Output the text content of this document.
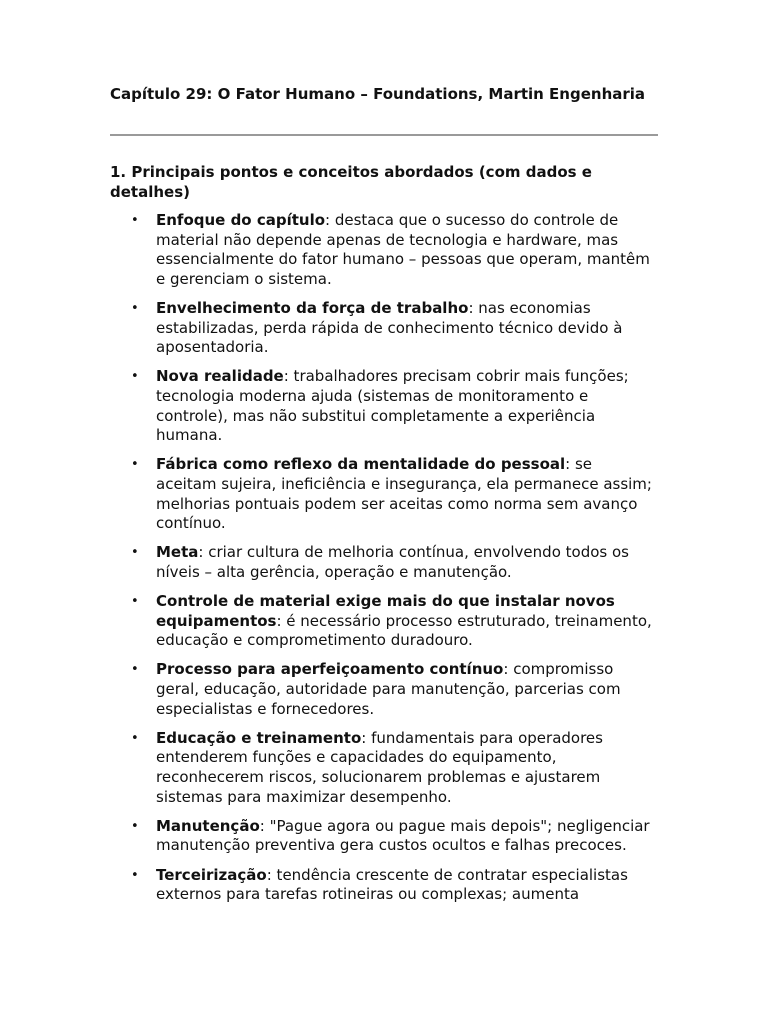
Capítulo 29: O Fator Humano – Foundations, Martin Engenharia
1. Principais pontos e conceitos abordados (com dados e detalhes)
• Enfoque do capítulo: destaca que o sucesso do controle de material não depende apenas de tecnologia e hardware, mas essencialmente do fator humano – pessoas que operam, mantêm e gerenciam o sistema.
• Envelhecimento da força de trabalho: nas economias estabilizadas, perda rápida de conhecimento técnico devido à aposentadoria.
• Nova realidade: trabalhadores precisam cobrir mais funções; tecnologia moderna ajuda (sistemas de monitoramento e controle), mas não substitui completamente a experiência humana.
• Fábrica como reflexo da mentalidade do pessoal: se aceitam sujeira, ineficiência e insegurança, ela permanece assim; melhorias pontuais podem ser aceitas como norma sem avanço contínuo.
• Meta: criar cultura de melhoria contínua, envolvendo todos os níveis – alta gerência, operação e manutenção.
• Controle de material exige mais do que instalar novos equipamentos: é necessário processo estruturado, treinamento, educação e comprometimento duradouro.
• Processo para aperfeiçoamento contínuo: compromisso geral, educação, autoridade para manutenção, parcerias com especialistas e fornecedores.
• Educação e treinamento: fundamentais para operadores entenderem funções e capacidades do equipamento, reconhecerem riscos, solucionarem problemas e ajustarem sistemas para maximizar desempenho.
• Manutenção: "Pague agora ou pague mais depois"; negligenciar manutenção preventiva gera custos ocultos e falhas precoces.
• Terceirização: tendência crescente de contratar especialistas externos para tarefas rotineiras ou complexas; aumenta
